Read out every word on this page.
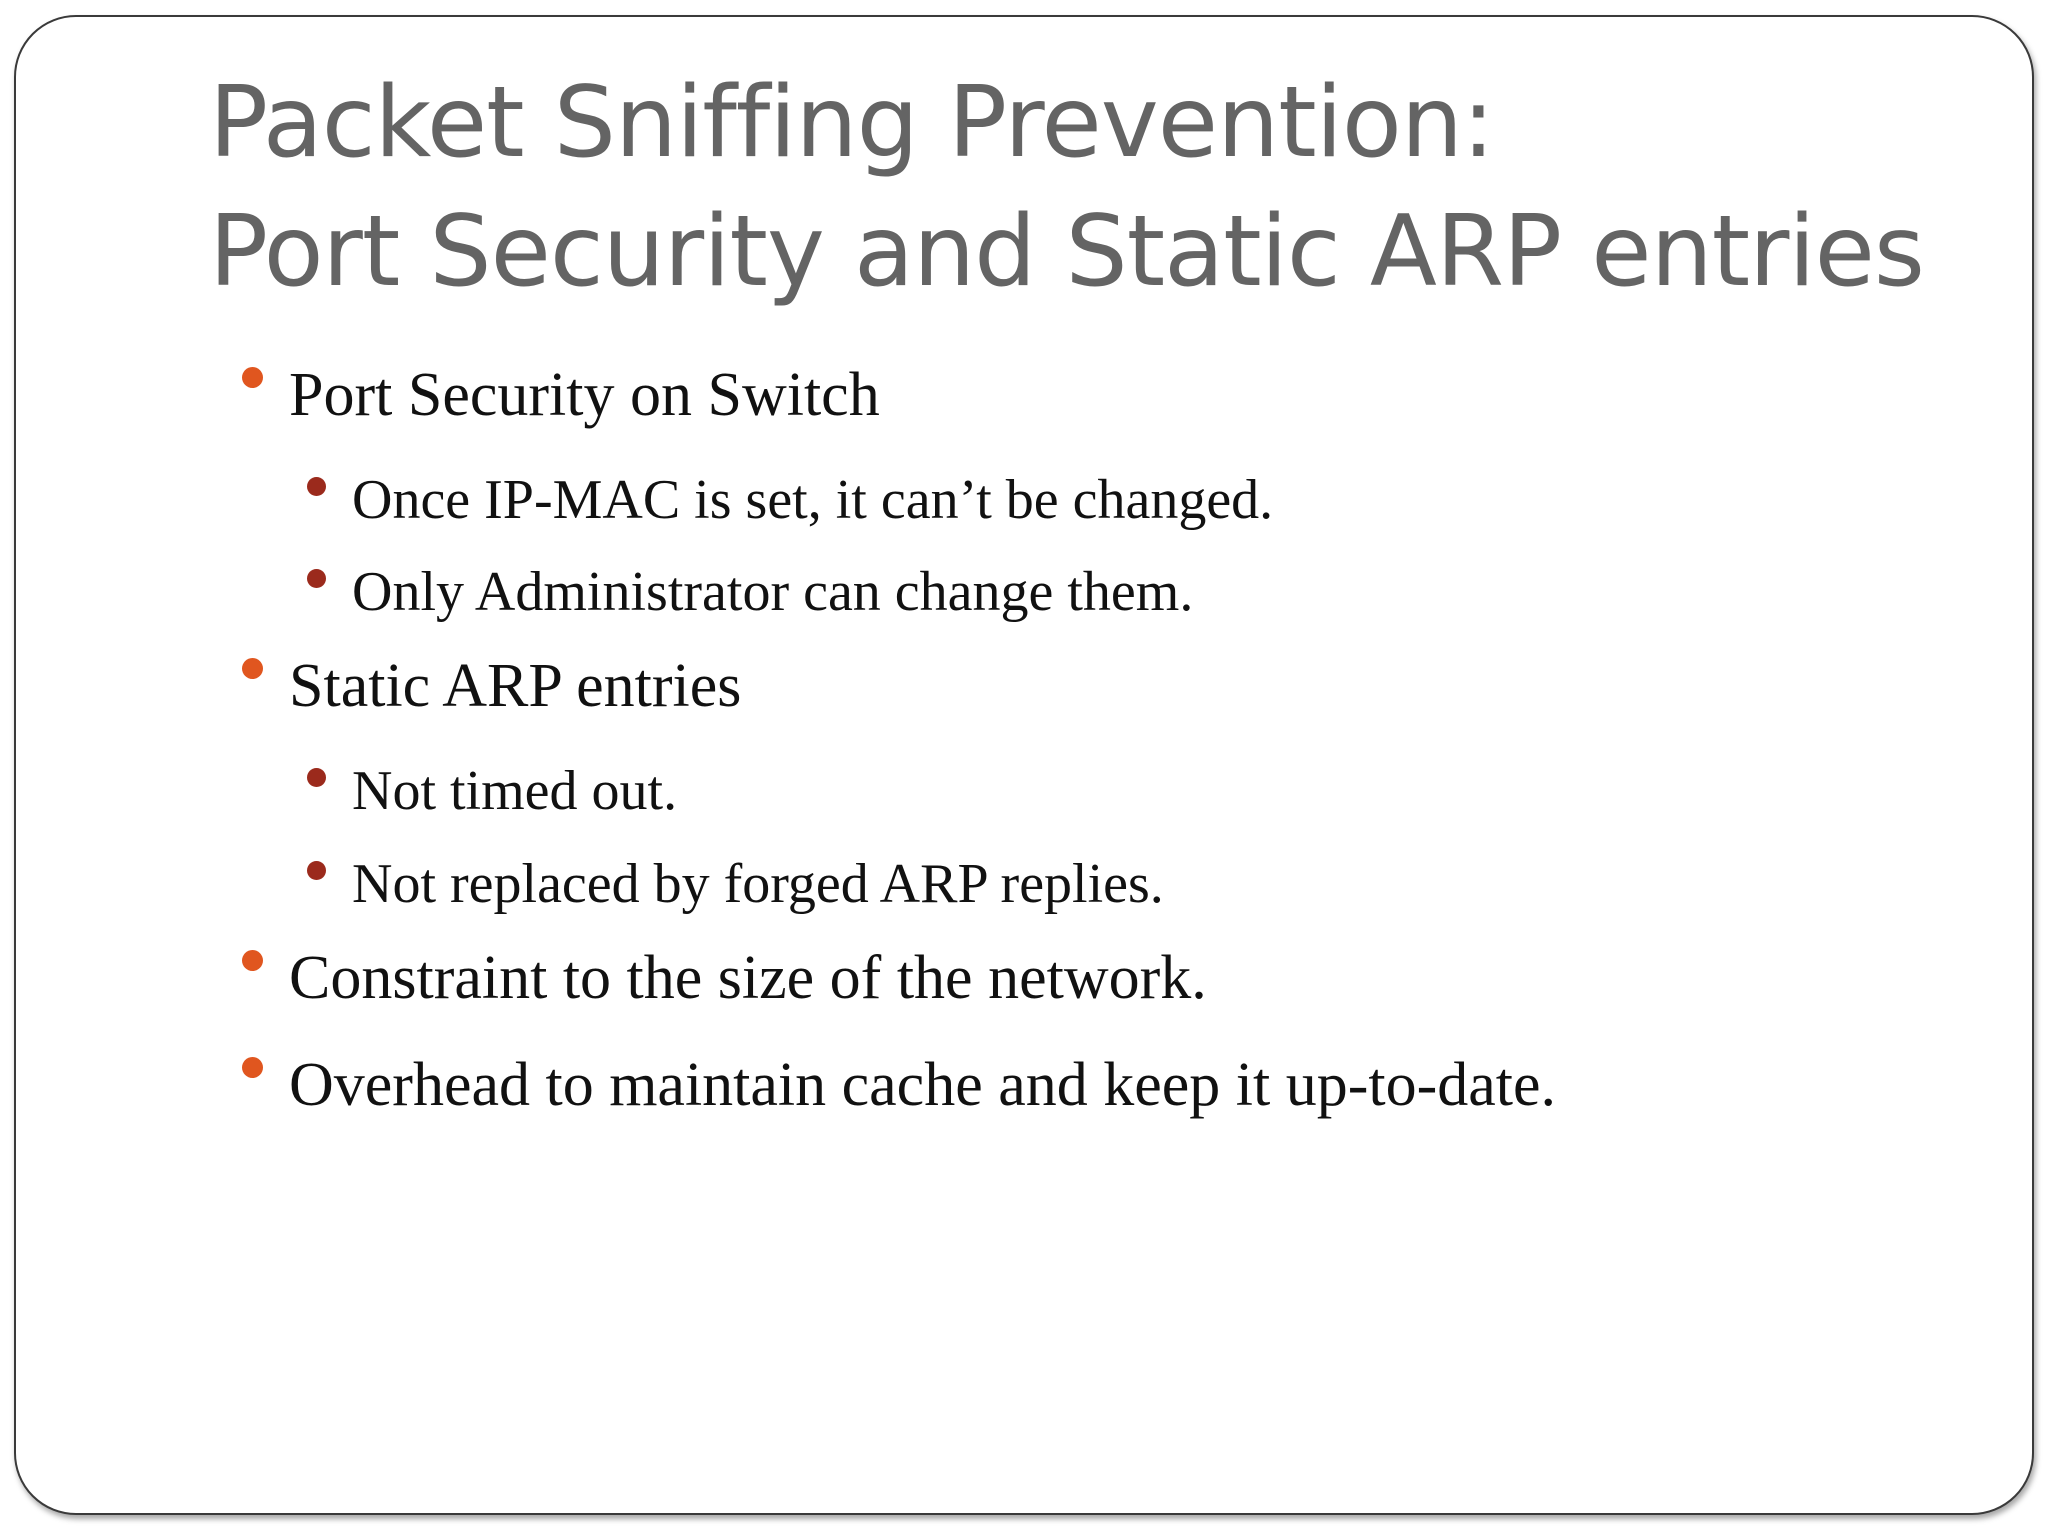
Packet Sniffing Prevention:
Port Security and Static ARP entries
Port Security on Switch
Once IP-MAC is set, it can’t be changed.
Only Administrator can change them.
Static ARP entries
Not timed out.
Not replaced by forged ARP replies.
Constraint to the size of the network.
Overhead to maintain cache and keep it up-to-date.
